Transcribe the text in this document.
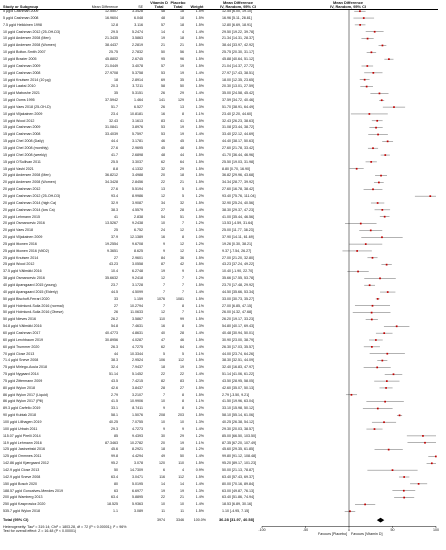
Vitamin D Placebo	Mean Difference	Mean Difference
Study or Subgroup	Mean Difference	SE	Total	Total	Weight	IV, Random, 95% CI	IV, Random, 95% CI
5 µg/d Cashman 2009	12.5507	3.3428	48	18	1.5%	12.55 [6.00, 19.10]
5 µg/d Cashman 2008	16.9604	6.048	48	18	1.5%	16.96 [5.11, 28.81]
7.5 µg/d Heikkinen 1998	12.8	3.116	57	18	1.5%	12.80 [6.69, 18.91]
10 µg/d Cashman 2012 (25-OH-D3)	29.5	5.2474	14	4	1.4%	29.50 [19.22, 39.78]
10 µg/d Andersen 2008 (Men)	21.3435	3.5863	19	18	1.5%	21.34 [14.31, 28.37]
10 µg/d Andersen 2008 (Women)	38.4437	2.2819	21	21	1.5%	38.44 [33.97, 42.92]
10 µg/d Bolton-Smith 2007	25.75	2.7832	50	56	1.5%	25.75 [20.30, 31.17]
10 µg/d Brazier 2005	45.8802	2.6745	95	96	1.5%	45.88 [40.64, 51.12]
10 µg/d Cashman 2009	21.0449	3.4078	57	19	1.5%	21.04 [14.37, 27.72]
10 µg/d Cashman 2008	27.9708	5.3758	53	19	1.4%	27.97 [17.43, 38.51]
10 µg/d Knutsen 2014 (10 µg)	18	2.8914	69	35	1.5%	18.00 [12.35, 23.65]
10 µg/d Laaksi 2010	20.3	3.7211	58	50	1.5%	20.30 [13.01, 27.59]
10 µg/d Maboshe 2021	35	5.3151	26	29	1.4%	35.00 [24.58, 45.42]
10 µg/d Ooms 1995	37.5942	1.464	141	129	1.5%	37.59 [34.72, 40.46]
10 µg/d Vaes 2018 (25-OH-D)	51.7	6.527	26	13	1.3%	51.70 [38.91, 64.49]
10 µg/d Viljakainen 2009	23.4	10.8181	16	8	1.1%	23.40 [2.20, 44.60]
10 µg/d Wood 2012	32.43	3.1613	83	41	1.5%	32.43 [26.23, 38.63]
15 µg/d Cashman 2009	31.0841	3.8976	53	19	1.5%	31.08 [23.44, 38.72]
15 µg/d Cashman 2008	33.4039	5.7597	53	19	1.4%	33.40 [22.12, 44.69]
15 µg/d Chel 2008 (Daily)	44.4	3.1781	46	45	1.5%	44.40 [38.17, 50.63]
15 µg/d Chel 2008 (monthly)	27.6	2.9695	45	48	1.5%	27.60 [21.78, 33.42]
15 µg/d Chel 2008 (weekly)	41.7	2.6898	48	44	1.5%	41.70 [36.44, 46.96]
15 µg/d O'Sullivan 2011	25.5	3.3037	62	64	1.5%	25.50 [19.03, 31.98]
15 µg/d Vashi 2021	8.8	4.1332	32	29	1.5%	8.80 [0.70, 16.90]
20 µg/d Andersen 2008 (Men)	36.8212	3.4988	20	18	1.5%	36.82 [29.96, 43.68]
20 µg/d Andersen 2008 (Women)	34.3428	2.8456	22	21	1.5%	34.34 [28.77, 39.92]
20 µg/d Cashman 2012	27.6	5.5194	13	5	1.4%	27.60 [16.78, 38.42]
20 µg/d Cashman 2012 (25-OH-D3)	93.4	8.9986	12	5	1.2%	93.40 [75.76, 111.04]
20 µg/d Cashman 2014 (high Ca)	32.9	3.9087	34	32	1.5%	32.90 [25.24, 40.56]
20 µg/d Cashman 2014 (low Ca)	38.3	4.5579	27	28	1.4%	38.30 [29.37, 47.23]
20 µg/d Lehmann 2015	41	2.838	54	51	1.5%	41.00 [35.44, 46.56]
20 µg/d Osmancevic 2016	13.5267	9.2438	10	7	1.2%	13.53 [-4.59, 31.64]
20 µg/d Vaes 2018	25	6.752	24	12	1.3%	25.00 [11.77, 38.23]
20 µg/d Viljakainen 2009	37.9	12.1389	16	8	1.0%	37.90 [14.11, 61.69]
25 µg/d Itkonen 2016	19.2554	9.6708	9	12	1.2%	19.26 [0.30, 38.21]
25 µg/d Itkonen 2016 (VitD2)	9.3651	8.625	9	12	1.2%	9.37 [-7.54, 26.27]
25 µg/d Knutsen 2014	27	2.9601	84	36	1.5%	27.00 [21.20, 32.80]
25 µg/d Wood 2012	43.23	3.0558	87	42	1.5%	43.23 [37.24, 49.22]
37.5 µg/d Välimäki 2016	10.4	6.2748	19	9	1.4%	10.40 [-1.90, 22.70]
38 µg/d Osmancevic 2016	35.6632	9.2418	12	7	1.2%	35.66 [17.55, 53.78]
40 µg/d Aparsgaard 2015 (young)	23.7	3.1728	7	7	1.5%	23.70 [17.48, 29.92]
40 µg/d Aparsgaard 2015 (Elderly)	44.5	4.5099	7	7	1.4%	44.50 [35.66, 53.34]
50 µg/d Bischoff-Ferrari 2020	33	1.159	1076	1081	1.5%	33.00 [30.73, 35.27]
50 µg/d Holmlund-Suila 2016 (normal)	27	10.2794	7	8	1.1%	27.00 [6.85, 47.15]
50 µg/d Holmlund-Suila 2016 (Obese)	26	11.0633	12	7	1.1%	26.00 [4.32, 47.68]
50 µg/d Nieves 2016	26.2	3.5867	110	99	1.5%	26.20 [19.17, 33.23]
54.8 µg/d Välimäki 2016	54.8	7.4631	16	8	1.3%	54.80 [40.17, 69.43]
60 µg/d Cashman 2017	40.4773	4.8631	40	28	1.4%	40.48 [30.94, 50.01]
60 µg/d Lerchbaum 2019	30.8956	4.0287	47	46	1.5%	30.90 [23.00, 38.79]
60 µg/d Trummer 2020	26.3	4.7275	62	64	1.4%	26.30 [17.03, 35.57]
70 µg/d Close 2013	44	10.3344	5	5	1.1%	44.00 [23.74, 64.26]
71.4 µg/d Sneve 2008	38.3	2.9524	106	112	1.5%	38.30 [32.51, 44.09]
75 µg/d Mirlego-Acuia 2018	32.4	7.9437	18	19	1.3%	32.40 [16.83, 47.97]
75 µg/d Nygaard 2014	51.14	5.1452	22	22	1.4%	51.14 [41.06, 61.22]
75 µg/d Zittermann 2009	43.5	7.4215	82	83	1.3%	43.50 [28.95, 58.05]
80 µg/d Wylon 2018	42.6	3.8437	28	27	1.5%	42.60 [35.07, 50.13]
86 µg/d Wylon 2017 (Liquid)	2.79	3.2107	7	8	1.5%	2.79 [-3.50, 9.21]
86 µg/d Wylon 2017 (Pill)	41.5	10.9906	10	8	1.1%	41.50 [19.96, 63.04]
89.3 µg/d Carfello 2019	33.1	8.7411	9	8	1.2%	33.10 [15.98, 50.12]
90 µg/d Kubiak 2018	58.1	1.5076	208	203	1.5%	58.10 [55.14, 61.06]
100 µg/d Lillhagen 2019	40.25	7.0755	10	10	1.3%	40.25 [26.38, 54.12]
100 µg/d Urbain 2011	29.3	4.7273	9	9	1.4%	29.30 [20.03, 38.57]
115.07 µg/d Pirelli 2014	85	9.4393	30	29	1.2%	85.00 [66.50, 103.50]
119 µg/d Lehmann 2016	87.3463	10.2782	20	19	1.1%	87.35 [67.20, 107.49]
125 µg/d Jastrzebski 2016	45.6	8.2921	18	18	1.2%	45.60 [29.35, 61.85]
125 µg/d Ommnes 2011	99.8	4.4294	49	50	1.4%	99.80 [91.12, 108.48]
142.86 µg/d Kjærgaard 2012	95.2	3.078	120	110	1.5%	95.20 [89.17, 101.23]
142.9 µg/d Close 2013	50	14.7309	6	4	0.9%	50.00 [21.13, 78.87]
142.9 µg/d Sneve 2008	63.4	3.0471	116	112	1.5%	63.40 [57.43, 69.37]
150 µg/d Bosch 2020	80	5.0195	14	14	1.4%	80.00 [70.16, 89.84]
188.57 µg/d Goncalves-Mendes 2019	63	6.6977	19	19	1.3%	63.00 [49.87, 76.13]
200 µg/d Wamberg 2013	63.4	5.8895	22	21	1.4%	63.40 [51.86, 74.94]
250 µg/d Kasprowicz 2020	18.525	5.9363	10	10	1.4%	18.53 [6.89, 30.16]
535.7 µg/d Wylon 2018	1.1	3.089	11	11	1.5%	1.10 [-4.95, 7.15]
Total (95% CI)	3974	3346	100.0%	36.28 [31.97, 40.58]
Heterogeneity: Tau² = 319.14; Chi² = 1803.28, df = 72 (P < 0.00001); I² = 96%
Test for overall effect: Z = 16.48 (P < 0.00001)	-100	-50	0	50	100
Favours [Placebo] Favours [Vitamin D]
